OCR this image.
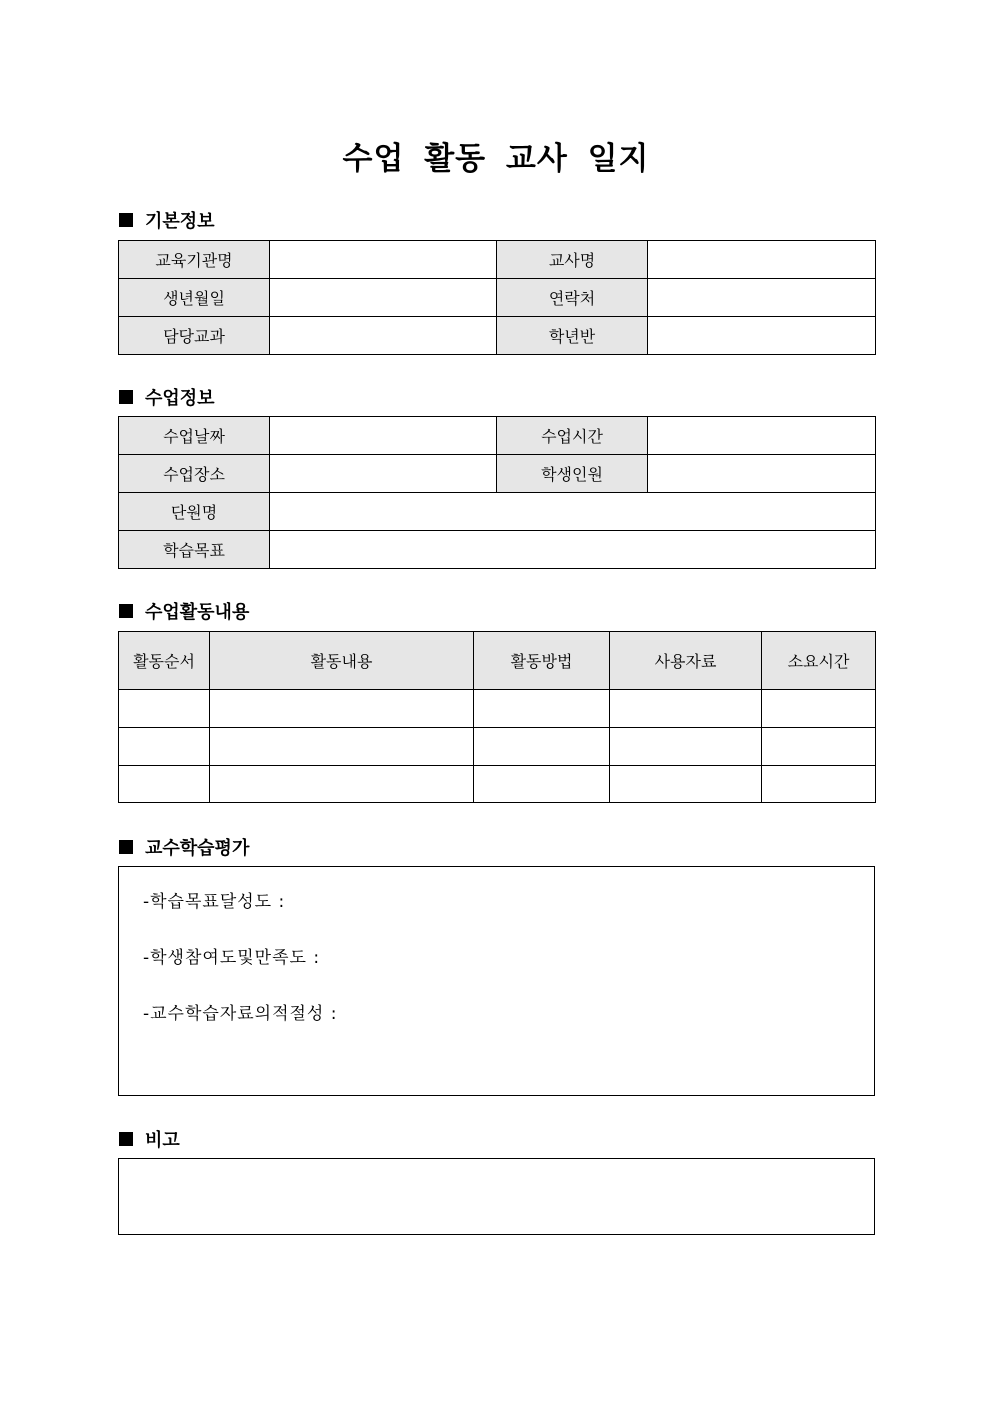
수업 활동 교사 일지
기본정보
교육기관명		교사명	
생년월일		연락처	
담당교과		학년반	
수업정보
수업날짜		수업시간	
수업장소		학생인원	
단원명			
학습목표			
수업활동내용
활동순서	활동내용	활동방법	사용자료	소요시간

교수학습평가
-학습목표달성도 :
-학생참여도및만족도 :
-교수학습자료의적절성 :
비고
